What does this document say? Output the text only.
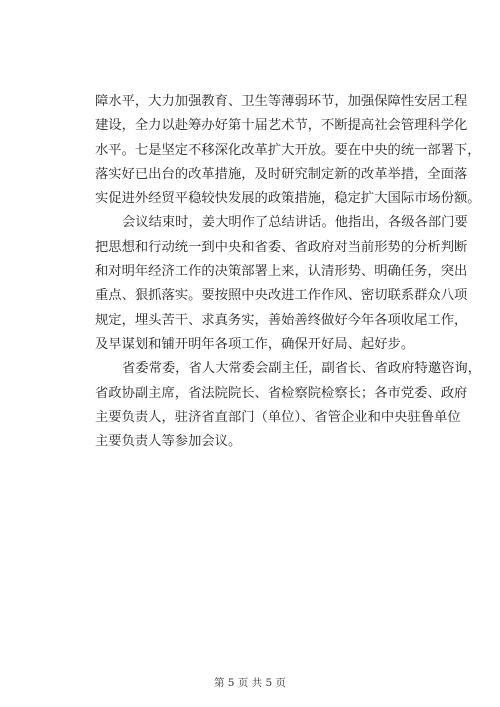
障水平，大力加强教育、卫生等薄弱环节，加强保障性安居工程
建设，全力以赴筹办好第十届艺术节，不断提高社会管理科学化
水平。七是坚定不移深化改革扩大开放。要在中央的统一部署下，
落实好已出台的改革措施，及时研究制定新的改革举措，全面落
实促进外经贸平稳较快发展的政策措施，稳定扩大国际市场份额。
会议结束时，姜大明作了总结讲话。他指出，各级各部门要
把思想和行动统一到中央和省委、省政府对当前形势的分析判断
和对明年经济工作的决策部署上来，认清形势、明确任务，突出
重点、狠抓落实。要按照中央改进工作作风、密切联系群众八项
规定，埋头苦干、求真务实，善始善终做好今年各项收尾工作，
及早谋划和铺开明年各项工作，确保开好局、起好步。
省委常委，省人大常委会副主任，副省长、省政府特邀咨询，
省政协副主席，省法院院长、省检察院检察长；各市党委、政府
主要负责人，驻济省直部门（单位）、省管企业和中央驻鲁单位
主要负责人等参加会议。
第 5 页 共 5 页
